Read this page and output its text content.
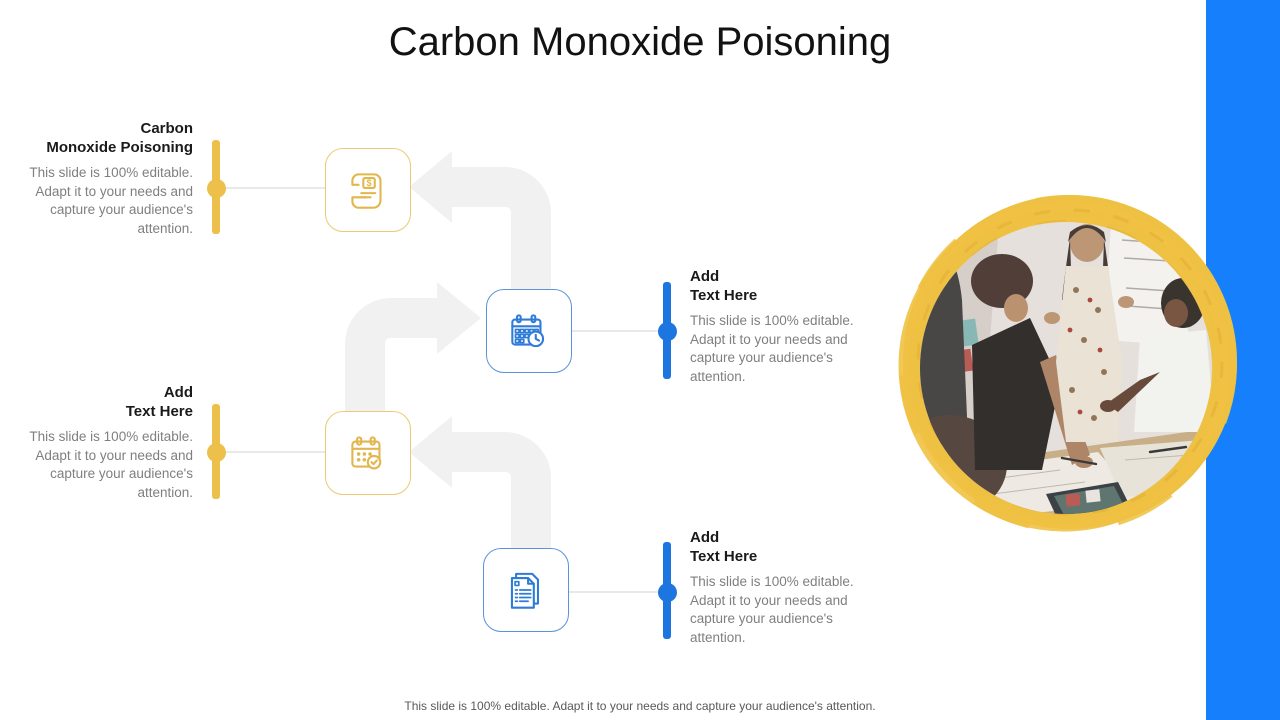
Carbon Monoxide Poisoning
$
Carbon
Monoxide Poisoning
This slide is 100% editable. Adapt it to your needs and capture your audience's attention.
Add
Text Here
This slide is 100% editable. Adapt it to your needs and capture your audience's attention.
Add
Text Here
This slide is 100% editable. Adapt it to your needs and capture your audience's attention.
Add
Text Here
This slide is 100% editable. Adapt it to your needs and capture your audience's attention.
This slide is 100% editable. Adapt it to your needs and capture your audience's attention.
